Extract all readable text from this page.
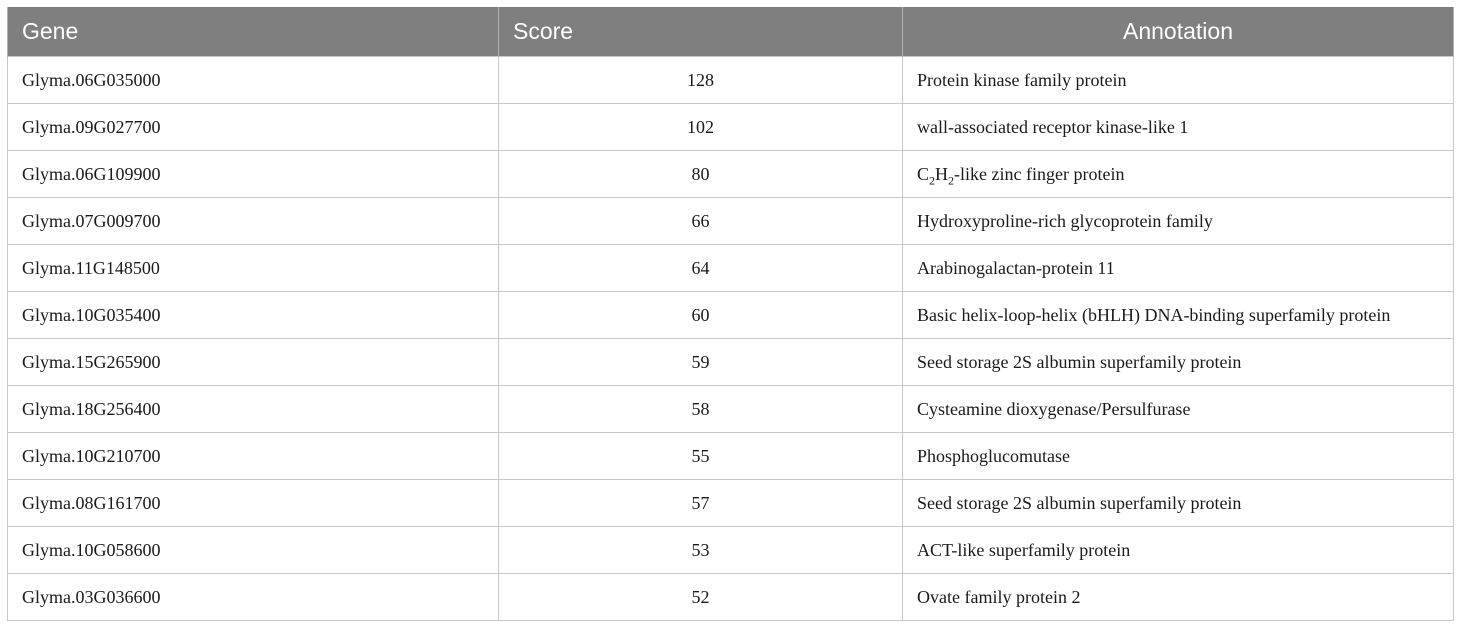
Gene	Score	Annotation
Glyma.06G035000	128	Protein kinase family protein
Glyma.09G027700	102	wall-associated receptor kinase-like 1
Glyma.06G109900	80	$C_2H_2$-like zinc finger protein
Glyma.07G009700	66	Hydroxyproline-rich glycoprotein family
Glyma.11G148500	64	Arabinogalactan-protein 11
Glyma.10G035400	60	Basic helix-loop-helix (bHLH) DNA-binding superfamily protein
Glyma.15G265900	59	Seed storage 2S albumin superfamily protein
Glyma.18G256400	58	Cysteamine dioxygenase/Persulfurase
Glyma.10G210700	55	Phosphoglucomutase
Glyma.08G161700	57	Seed storage 2S albumin superfamily protein
Glyma.10G058600	53	ACT-like superfamily protein
Glyma.03G036600	52	Ovate family protein 2
